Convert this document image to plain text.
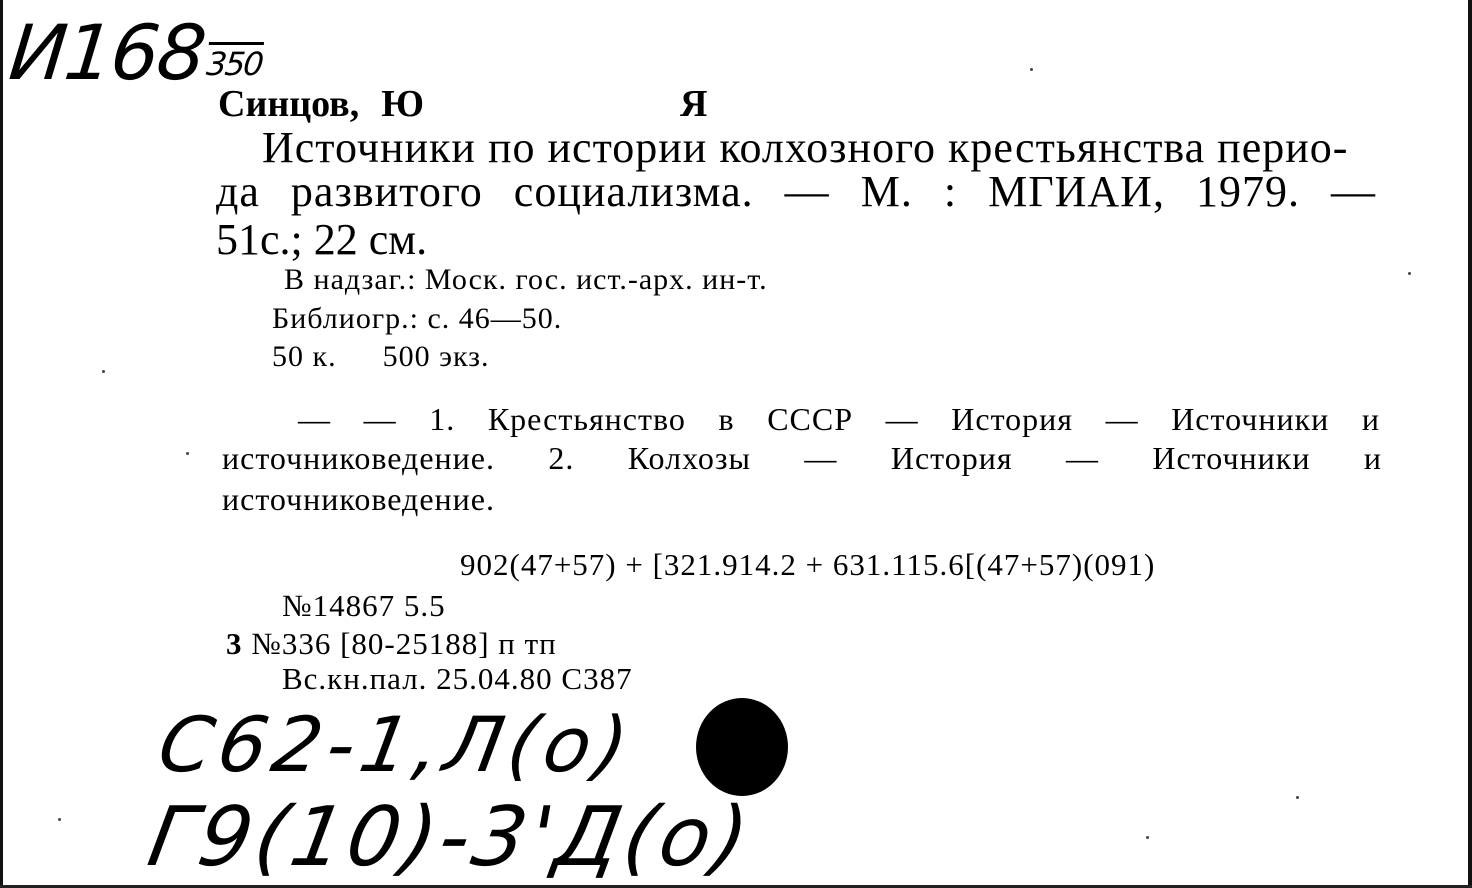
И168350
Синцов, Ю	Я
Источники по истории колхозного крестьянства перио-
да развитого социализма. — М. : МГИАИ, 1979. —
51с.; 22 см.
В надзаг.: Моск. гос. ист.-арх. ин-т.
Библиогр.: с. 46—50.
50 к. 500 экз.
— — 1. Крестьянство в СССР — История — Источники и
источниковедение. 2. Колхозы — История — Источники и
источниковедение.
902(47+57) + [321.914.2 + 631.115.6[(47+57)(091)
№14867 5.5
3 №336 [80-25188] п тп
Вс.кн.пал. 25.04.80 С387
С62-1,Л(о)
Г9(10)-3'Д(о)
